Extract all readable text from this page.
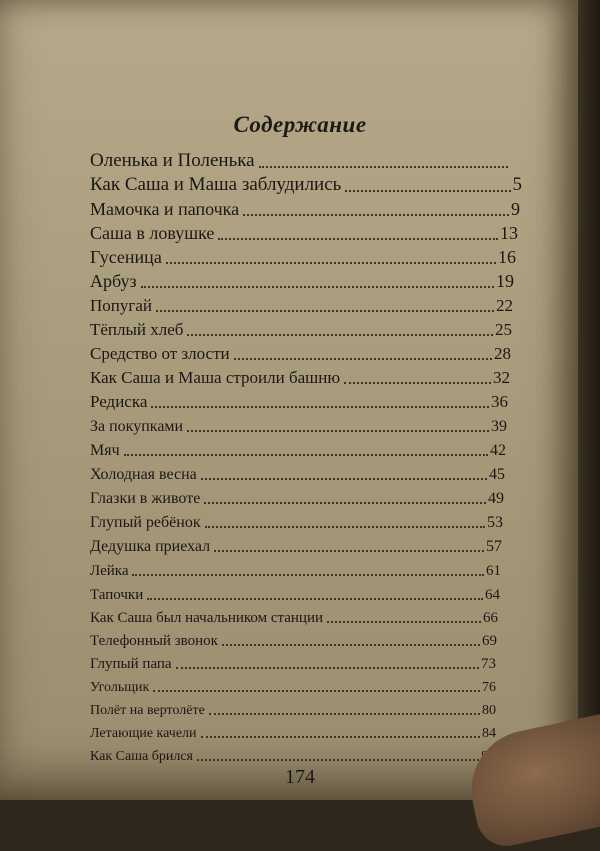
Содержание
Оленька и Поленька
Как Саша и Маша заблудились	5
Мамочка и папочка	9
Саша в ловушке	13
Гусеница	16
Арбуз	19
Попугай	22
Тёплый хлеб	25
Средство от злости	28
Как Саша и Маша строили башню	32
Редиска	36
За покупками	39
Мяч	42
Холодная весна	45
Глазки в животе	49
Глупый ребёнок	53
Дедушка приехал	57
Лейка	61
Тапочки	64
Как Саша был начальником станции	66
Телефонный звонок	69
Глупый папа	73
Угольщик	76
Полёт на вертолёте	80
Летающие качели	84
Как Саша брился
174
